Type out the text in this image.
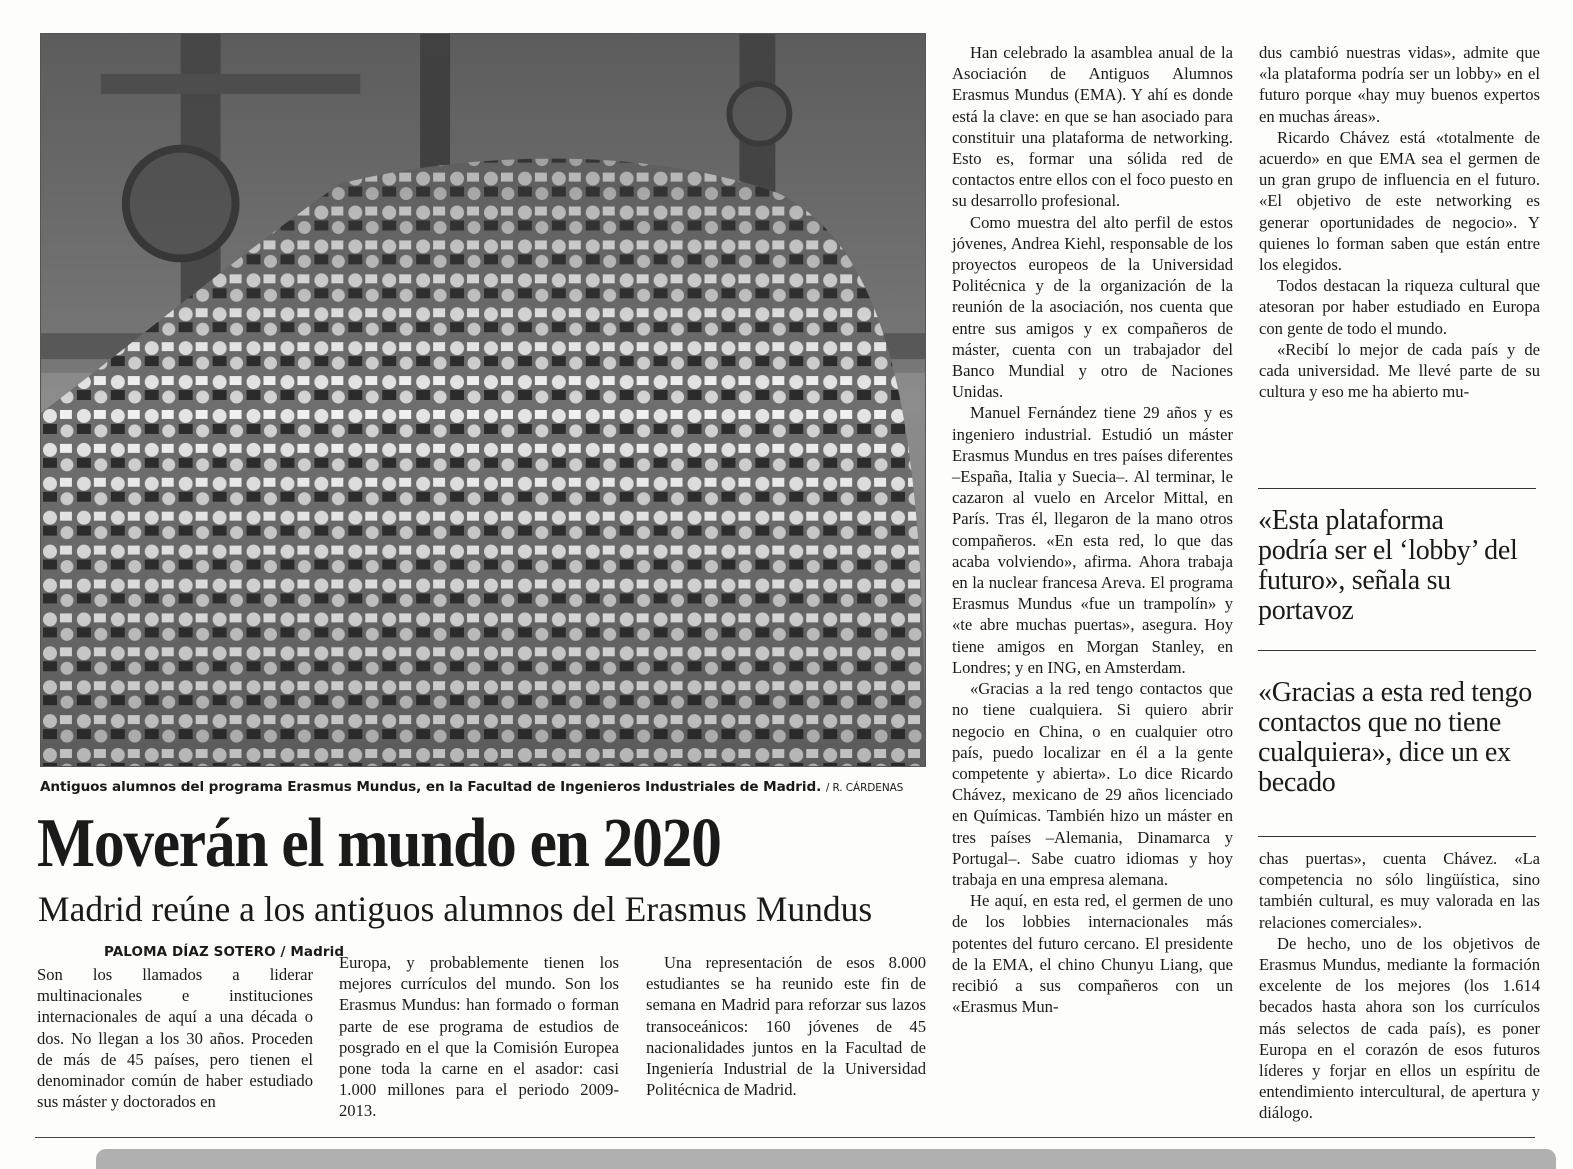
Antiguos alumnos del programa Erasmus Mundus, en la Facultad de Ingenieros Industriales de Madrid. / R. CÁRDENAS
Moverán el mundo en 2020
Madrid reúne a los antiguos alumnos del Erasmus Mundus
PALOMA DÍAZ SOTERO / Madrid

Son los llamados a liderar multinacionales e instituciones internacionales de aquí a una década o dos. No llegan a los 30 años. Proceden de más de 45 países, pero tienen el denominador común de haber estudiado sus máster y doctorados en

Europa, y probablemente tienen los mejores currículos del mundo. Son los Erasmus Mundus: han formado o forman parte de ese programa de estudios de posgrado en el que la Comisión Europea pone toda la carne en el asador: casi 1.000 millones para el periodo 2009-2013.

Una representación de esos 8.000 estudiantes se ha reunido este fin de semana en Madrid para reforzar sus lazos transoceánicos: 160 jóvenes de 45 nacionalidades juntos en la Facultad de Ingeniería Industrial de la Universidad Politécnica de Madrid.

Han celebrado la asamblea anual de la Asociación de Antiguos Alumnos Erasmus Mundus (EMA). Y ahí es donde está la clave: en que se han asociado para constituir una plataforma de networking. Esto es, formar una sólida red de contactos entre ellos con el foco puesto en su desarrollo profesional.

Como muestra del alto perfil de estos jóvenes, Andrea Kiehl, responsable de los proyectos europeos de la Universidad Politécnica y de la organización de la reunión de la asociación, nos cuenta que entre sus amigos y ex compañeros de máster, cuenta con un trabajador del Banco Mundial y otro de Naciones Unidas.

Manuel Fernández tiene 29 años y es ingeniero industrial. Estudió un máster Erasmus Mundus en tres países diferentes –España, Italia y Suecia–. Al terminar, le cazaron al vuelo en Arcelor Mittal, en París. Tras él, llegaron de la mano otros compañeros. «En esta red, lo que das acaba volviendo», afirma. Ahora trabaja en la nuclear francesa Areva. El programa Erasmus Mundus «fue un trampolín» y «te abre muchas puertas», asegura. Hoy tiene amigos en Morgan Stanley, en Londres; y en ING, en Amsterdam.

«Gracias a la red tengo contactos que no tiene cualquiera. Si quiero abrir negocio en China, o en cualquier otro país, puedo localizar en él a la gente competente y abierta». Lo dice Ricardo Chávez, mexicano de 29 años licenciado en Químicas. También hizo un máster en tres países –Alemania, Dinamarca y Portugal–. Sabe cuatro idiomas y hoy trabaja en una empresa alemana.

He aquí, en esta red, el germen de uno de los lobbies internacionales más potentes del futuro cercano. El presidente de la EMA, el chino Chunyu Liang, que recibió a sus compañeros con un «Erasmus Mun-

dus cambió nuestras vidas», admite que «la plataforma podría ser un lobby» en el futuro porque «hay muy buenos expertos en muchas áreas».

Ricardo Chávez está «totalmente de acuerdo» en que EMA sea el germen de un gran grupo de influencia en el futuro. «El objetivo de este networking es generar oportunidades de negocio». Y quienes lo forman saben que están entre los elegidos.

Todos destacan la riqueza cultural que atesoran por haber estudiado en Europa con gente de todo el mundo.

«Recibí lo mejor de cada país y de cada universidad. Me llevé parte de su cultura y eso me ha abierto mu-

«Esta plataforma podría ser el ‘lobby’ del futuro», señala su portavoz
«Gracias a esta red tengo contactos que no tiene cualquiera», dice un ex becado

chas puertas», cuenta Chávez. «La competencia no sólo lingüística, sino también cultural, es muy valorada en las relaciones comerciales».

De hecho, uno de los objetivos de Erasmus Mundus, mediante la formación excelente de los mejores (los 1.614 becados hasta ahora son los currículos más selectos de cada país), es poner Europa en el corazón de esos futuros líderes y forjar en ellos un espíritu de entendimiento intercultural, de apertura y diálogo.
